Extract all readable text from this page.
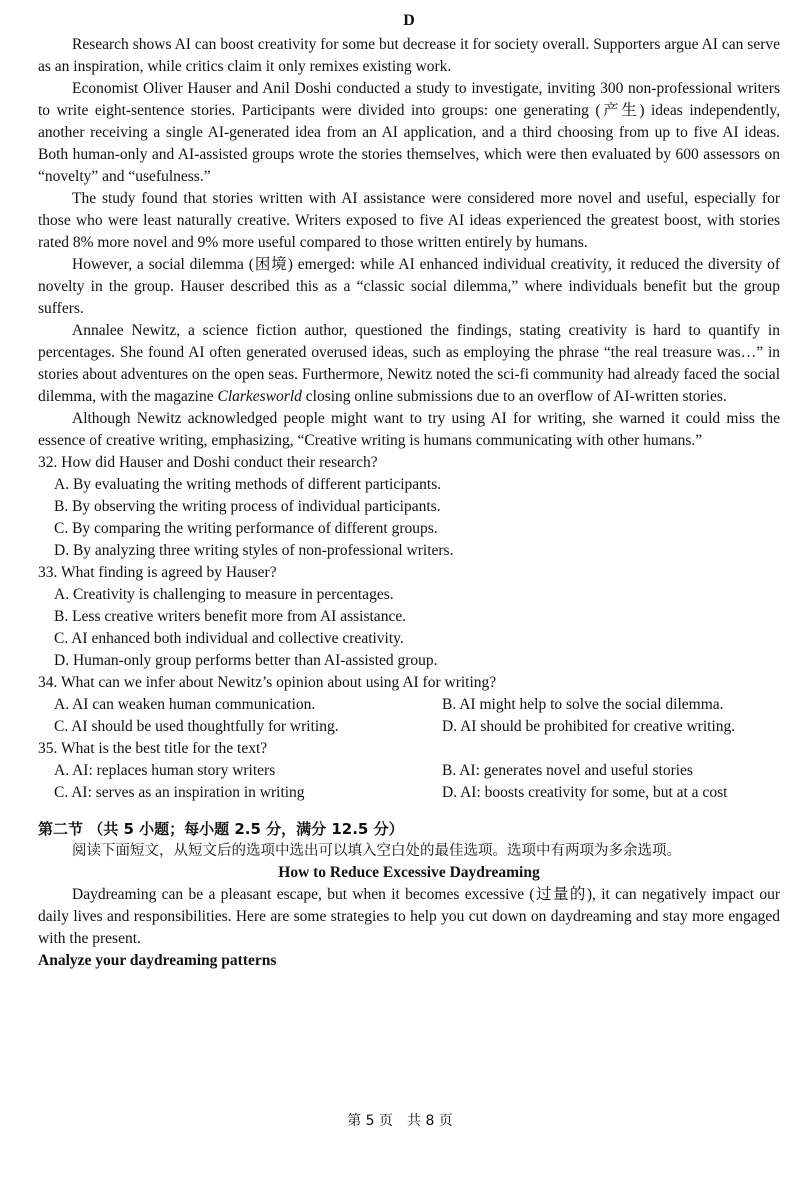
D

Research shows AI can boost creativity for some but decrease it for society overall. Supporters argue AI can serve as an inspiration, while critics claim it only remixes existing work.

Economist Oliver Hauser and Anil Doshi conducted a study to investigate, inviting 300 non-professional writers to write eight-sentence stories. Participants were divided into groups: one generating (产生) ideas independently, another receiving a single AI-generated idea from an AI application, and a third choosing from up to five AI ideas. Both human-only and AI-assisted groups wrote the stories themselves, which were then evaluated by 600 assessors on “novelty” and “usefulness.”

The study found that stories written with AI assistance were considered more novel and useful, especially for those who were least naturally creative. Writers exposed to five AI ideas experienced the greatest boost, with stories rated 8% more novel and 9% more useful compared to those written entirely by humans.

However, a social dilemma (困境) emerged: while AI enhanced individual creativity, it reduced the diversity of novelty in the group. Hauser described this as a “classic social dilemma,” where individuals benefit but the group suffers.

Annalee Newitz, a science fiction author, questioned the findings, stating creativity is hard to quantify in percentages. She found AI often generated overused ideas, such as employing the phrase “the real treasure was…” in stories about adventures on the open seas. Furthermore, Newitz noted the sci-fi community had already faced the social dilemma, with the magazine Clarkesworld closing online submissions due to an overflow of AI-written stories.

Although Newitz acknowledged people might want to try using AI for writing, she warned it could miss the essence of creative writing, emphasizing, “Creative writing is humans communicating with other humans.”

32. How did Hauser and Doshi conduct their research?

A. By evaluating the writing methods of different participants.

B. By observing the writing process of individual participants.

C. By comparing the writing performance of different groups.

D. By analyzing three writing styles of non-professional writers.

33. What finding is agreed by Hauser?

A. Creativity is challenging to measure in percentages.

B. Less creative writers benefit more from AI assistance.

C. AI enhanced both individual and collective creativity.

D. Human-only group performs better than AI-assisted group.

34. What can we infer about Newitz’s opinion about using AI for writing?

A. AI can weaken human communication.	B. AI might help to solve the social dilemma.
C. AI should be used thoughtfully for writing.	D. AI should be prohibited for creative writing.

35. What is the best title for the text?

A. AI: replaces human story writers	B. AI: generates novel and useful stories
C. AI: serves as an inspiration in writing	D. AI: boosts creativity for some, but at a cost
第二节 （共 5 小题；每小题 2.5 分，满分 12.5 分）

阅读下面短文，从短文后的选项中选出可以填入空白处的最佳选项。选项中有两项为多余选项。

How to Reduce Excessive Daydreaming

Daydreaming can be a pleasant escape, but when it becomes excessive (过量的), it can negatively impact our daily lives and responsibilities. Here are some strategies to help you cut down on daydreaming and stay more engaged with the present.

Analyze your daydreaming patterns

第 5 页　共 8 页
